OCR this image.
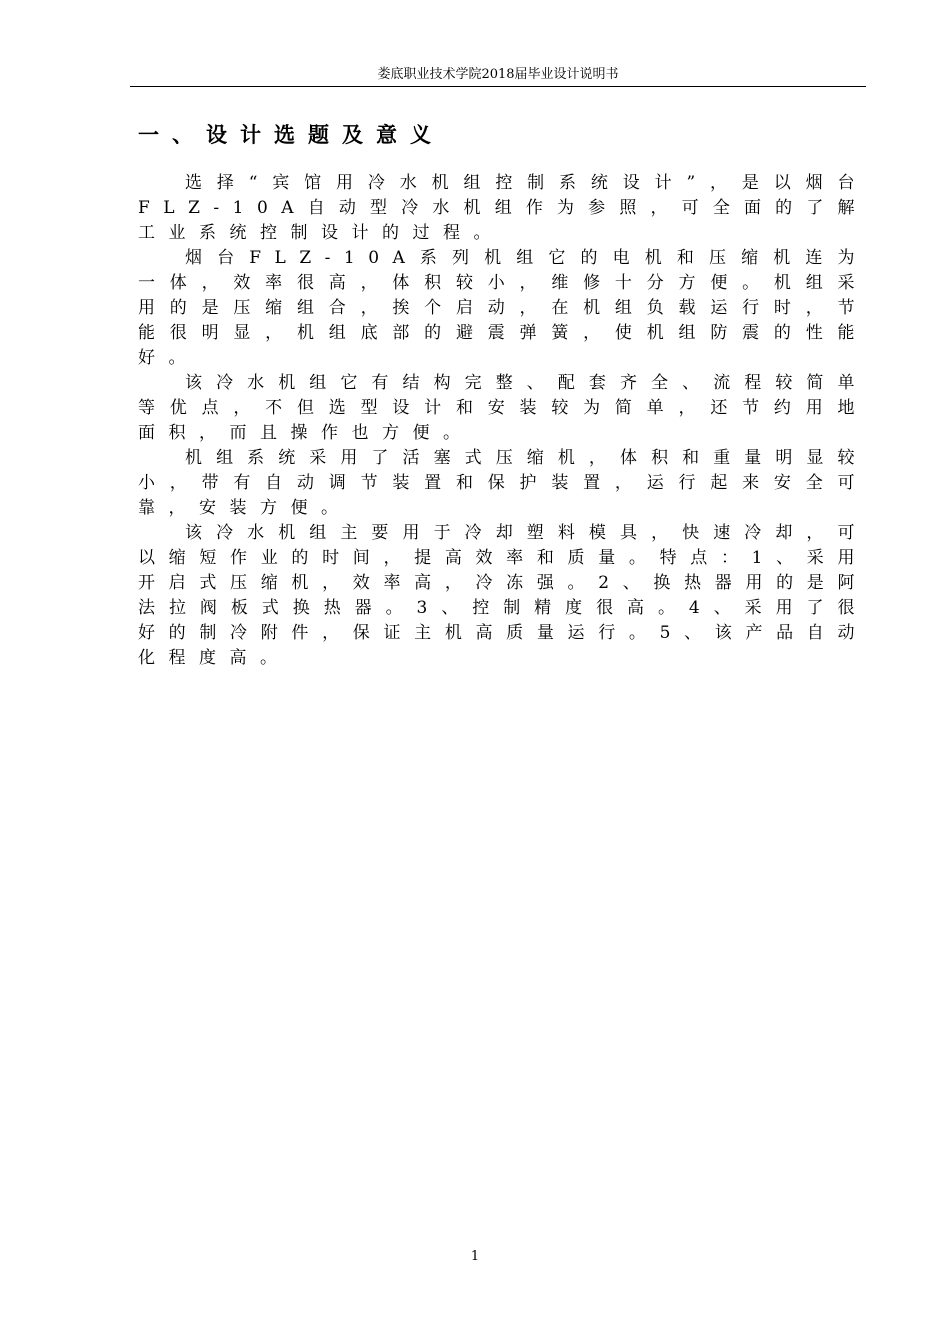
娄底职业技术学院2018届毕业设计说明书
一、设计选题及意义

选择“宾馆用冷水机组控制系统设计”，是以烟台FLZ-10A自动型冷水机组作为参照，可全面的了解工业系统控制设计的过程。

烟台FLZ-10A系列机组它的电机和压缩机连为一体，效率很高，体积较小，维修十分方便。机组采用的是压缩组合，挨个启动，在机组负载运行时，节能很明显，机组底部的避震弹簧，使机组防震的性能好。

该冷水机组它有结构完整、配套齐全、流程较简单等优点，不但选型设计和安装较为简单，还节约用地面积，而且操作也方便。

机组系统采用了活塞式压缩机，体积和重量明显较小，带有自动调节装置和保护装置，运行起来安全可靠，安装方便。

该冷水机组主要用于冷却塑料模具，快速冷却，可以缩短作业的时间，提高效率和质量。特点：1、采用开启式压缩机，效率高，冷冻强。2、换热器用的是阿法拉阀板式换热器。3、控制精度很高。4、采用了很好的制冷附件，保证主机高质量运行。5、该产品自动化程度高。

1
